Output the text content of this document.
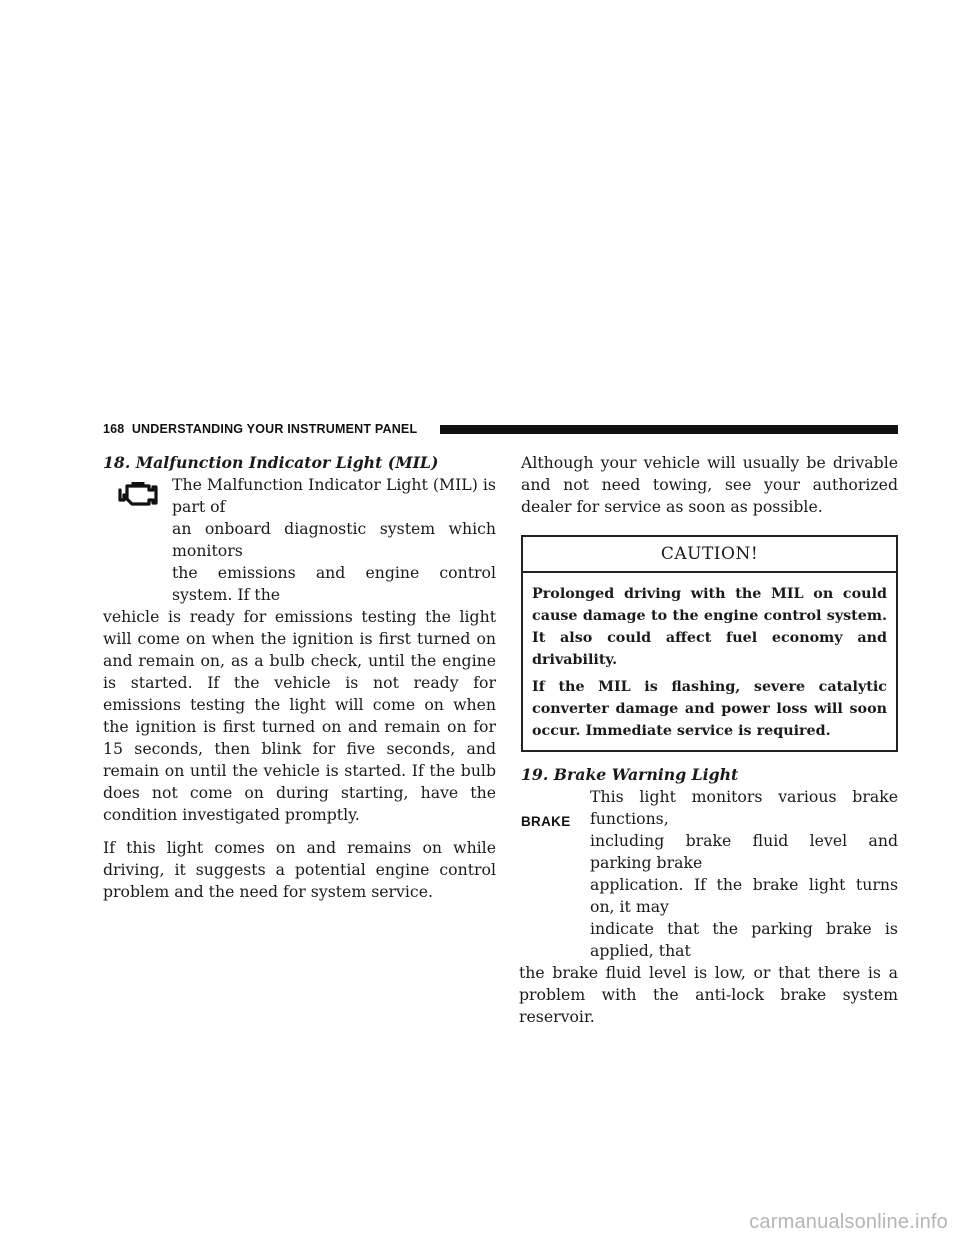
168 UNDERSTANDING YOUR INSTRUMENT PANEL

18. Malfunction Indicator Light (MIL)

The Malfunction Indicator Light (MIL) is part of
an onboard diagnostic system which monitors
the emissions and engine control system. If the

vehicle is ready for emissions testing the light will come on when the ignition is first turned on and remain on, as a bulb check, until the engine is started. If the vehicle is not ready for emissions testing the light will come on when the ignition is first turned on and remain on for 15 seconds, then blink for five seconds, and remain on until the vehicle is started. If the bulb does not come on during starting, have the condition investigated promptly.

If this light comes on and remains on while driving, it suggests a potential engine control problem and the need for system service.

Although your vehicle will usually be drivable and not need towing, see your authorized dealer for service as soon as possible.

CAUTION!
Prolonged driving with the MIL on could cause damage to the engine control system. It also could affect fuel economy and drivability.
If the MIL is flashing, severe catalytic converter damage and power loss will soon occur. Immediate service is required.

19. Brake Warning Light

BRAKE
This light monitors various brake functions,
including brake fluid level and parking brake
application. If the brake light turns on, it may
indicate that the parking brake is applied, that

the brake fluid level is low, or that there is a problem with the anti-lock brake system reservoir.

carmanualsonline.info
